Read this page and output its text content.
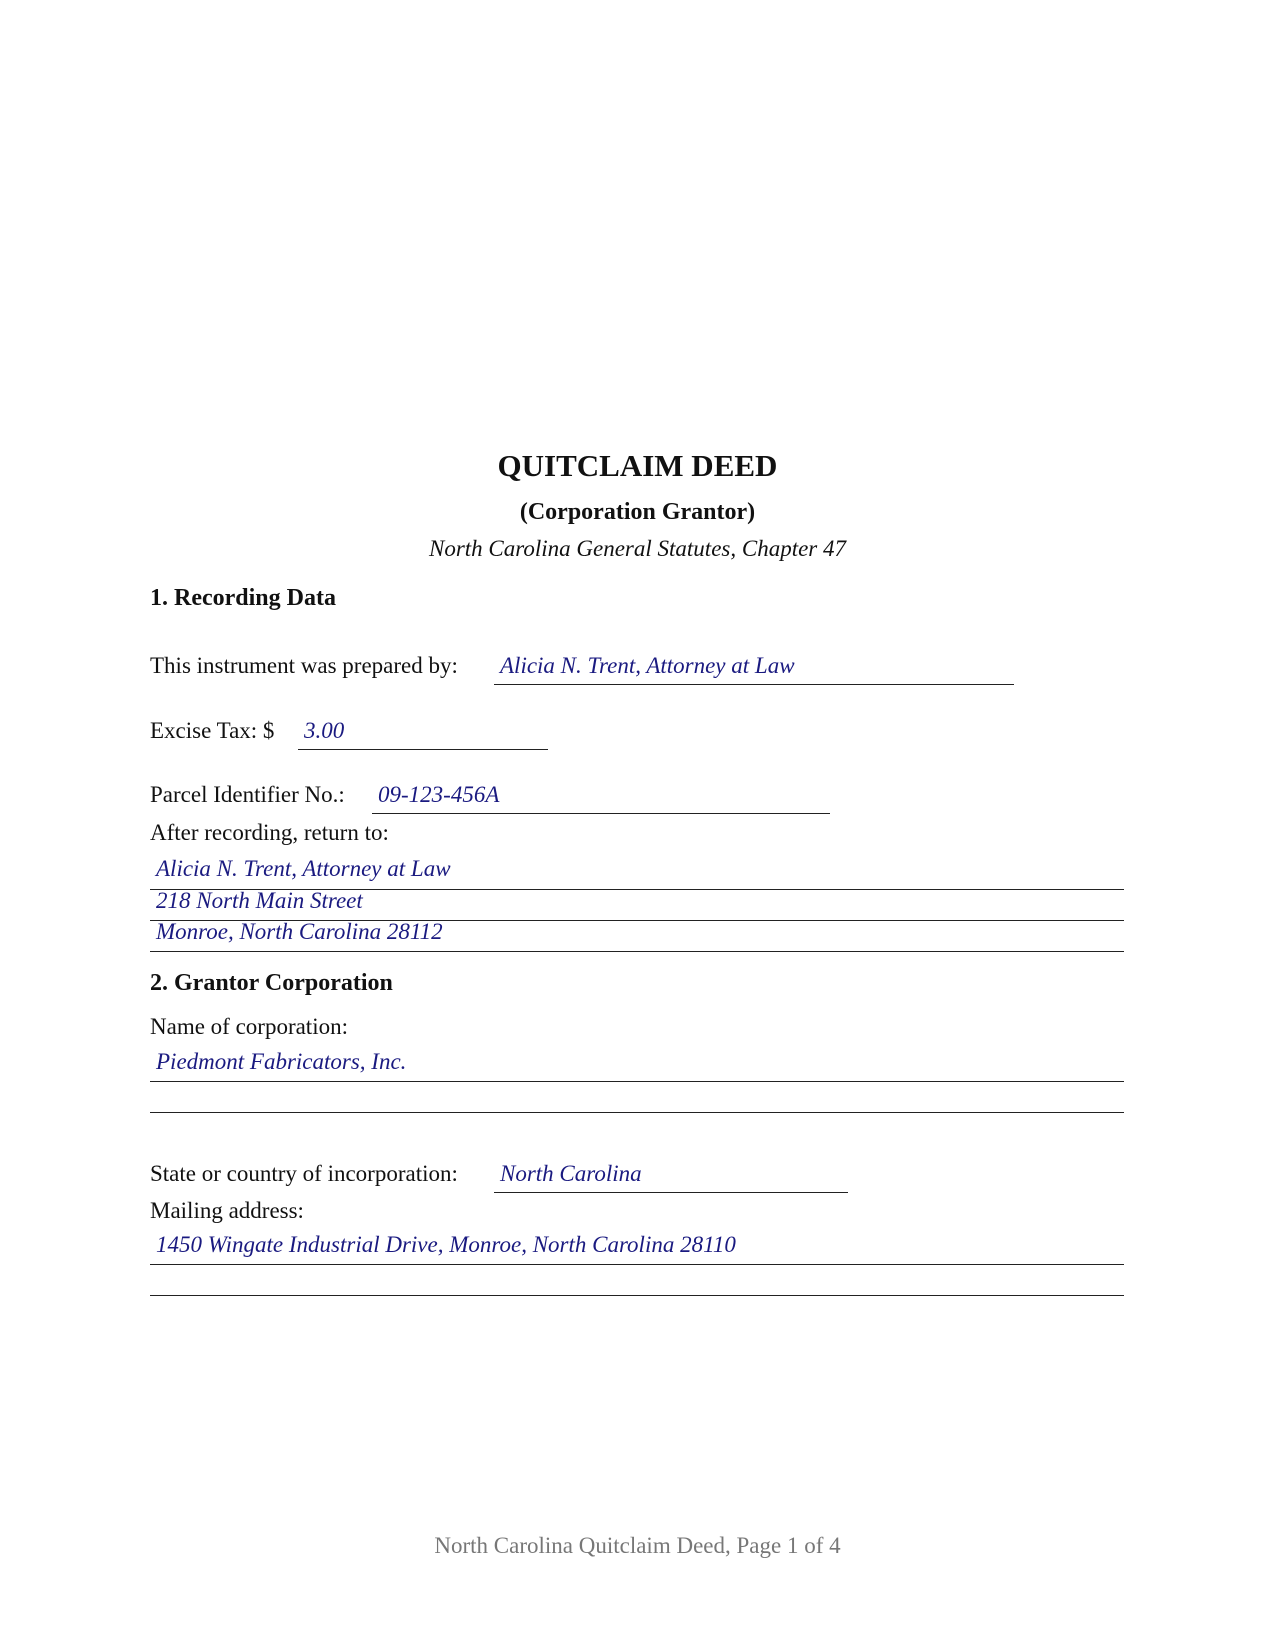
QUITCLAIM DEED
(Corporation Grantor)
North Carolina General Statutes, Chapter 47
1. Recording Data
This instrument was prepared by: Alicia N. Trent, Attorney at Law
Excise Tax: $ 3.00
Parcel Identifier No.: 09-123-456A
After recording, return to:
Alicia N. Trent, Attorney at Law
218 North Main Street
Monroe, North Carolina 28112
2. Grantor Corporation
Name of corporation:
Piedmont Fabricators, Inc.
State or country of incorporation: North Carolina
Mailing address:
1450 Wingate Industrial Drive, Monroe, North Carolina 28110
North Carolina Quitclaim Deed, Page 1 of 4
